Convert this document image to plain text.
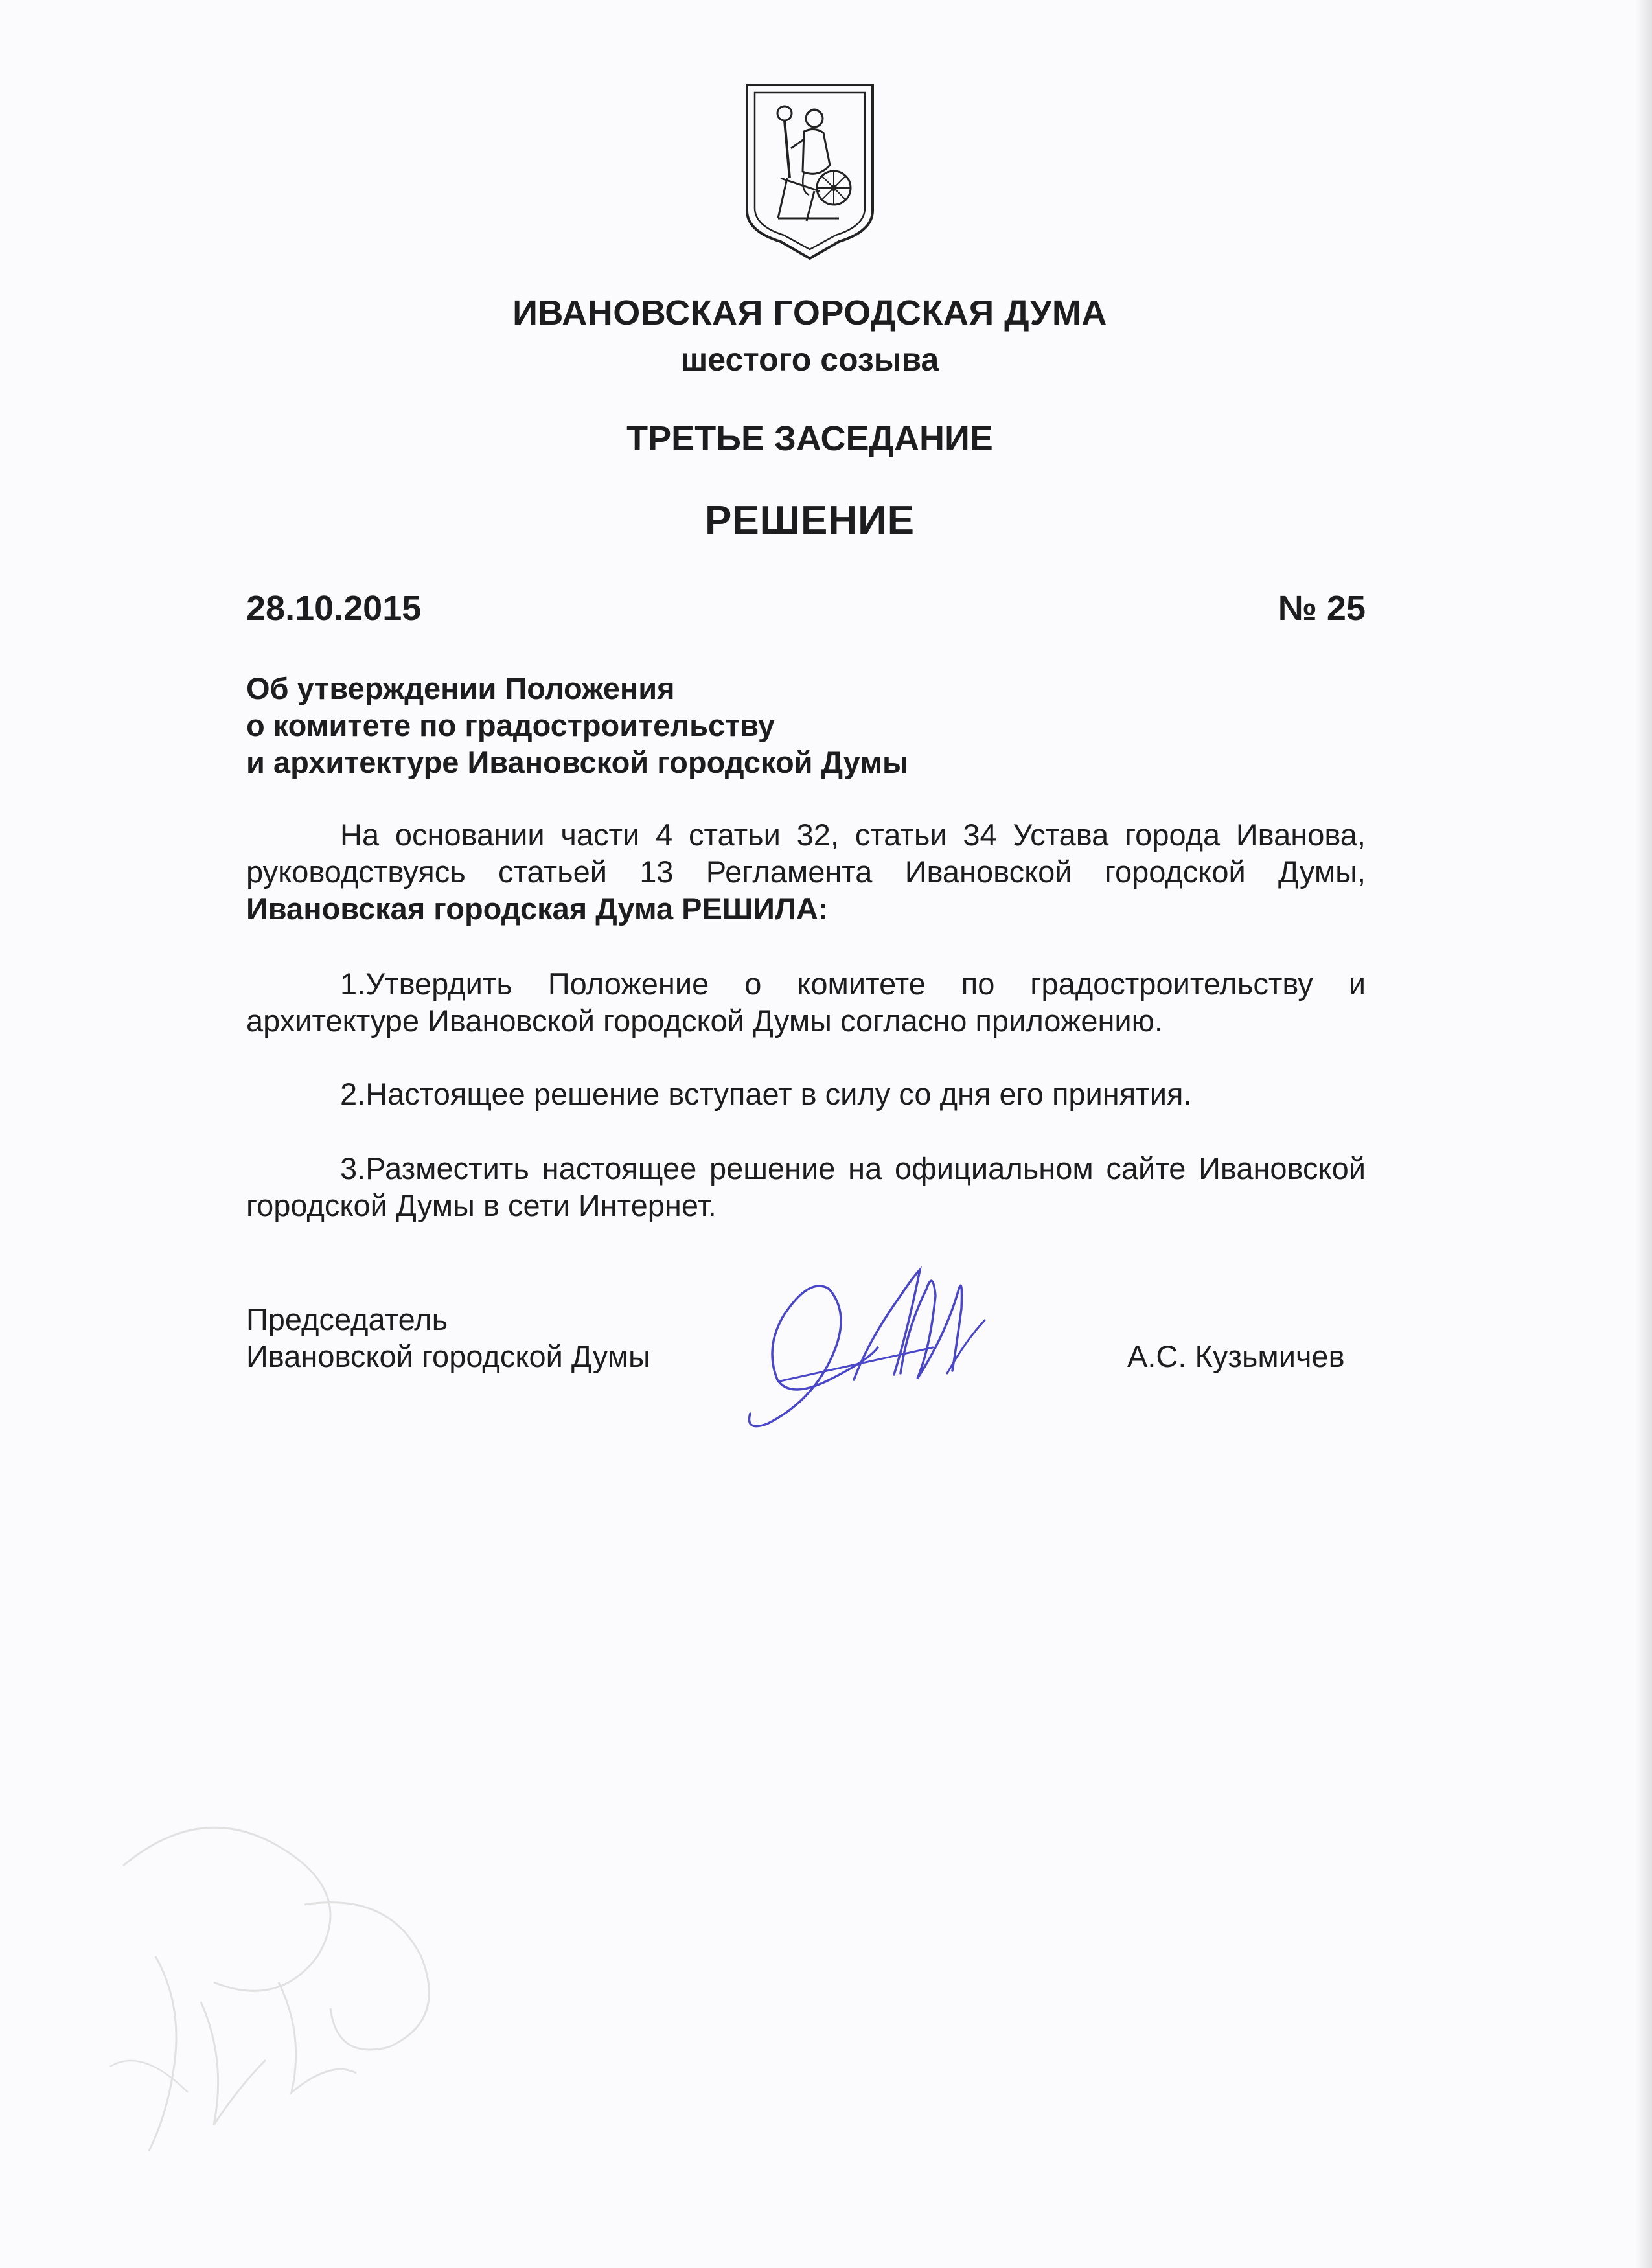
ИВАНОВСКАЯ ГОРОДСКАЯ ДУМА
шестого созыва
ТРЕТЬЕ ЗАСЕДАНИЕ
РЕШЕНИЕ
28.10.2015	№ 25
Об утверждении Положения
о комитете по градостроительству
и архитектуре Ивановской городской Думы
На основании части 4 статьи 32, статьи 34 Устава города Иванова, руководствуясь статьей 13 Регламента Ивановской городской Думы, Ивановская городская Дума РЕШИЛА:
1.Утвердить Положение о комитете по градостроительству и архитектуре Ивановской городской Думы согласно приложению.
2.Настоящее решение вступает в силу со дня его принятия.
3.Разместить настоящее решение на официальном сайте Ивановской городской Думы в сети Интернет.
Председатель
Ивановской городской Думы	А.С. Кузьмичев
